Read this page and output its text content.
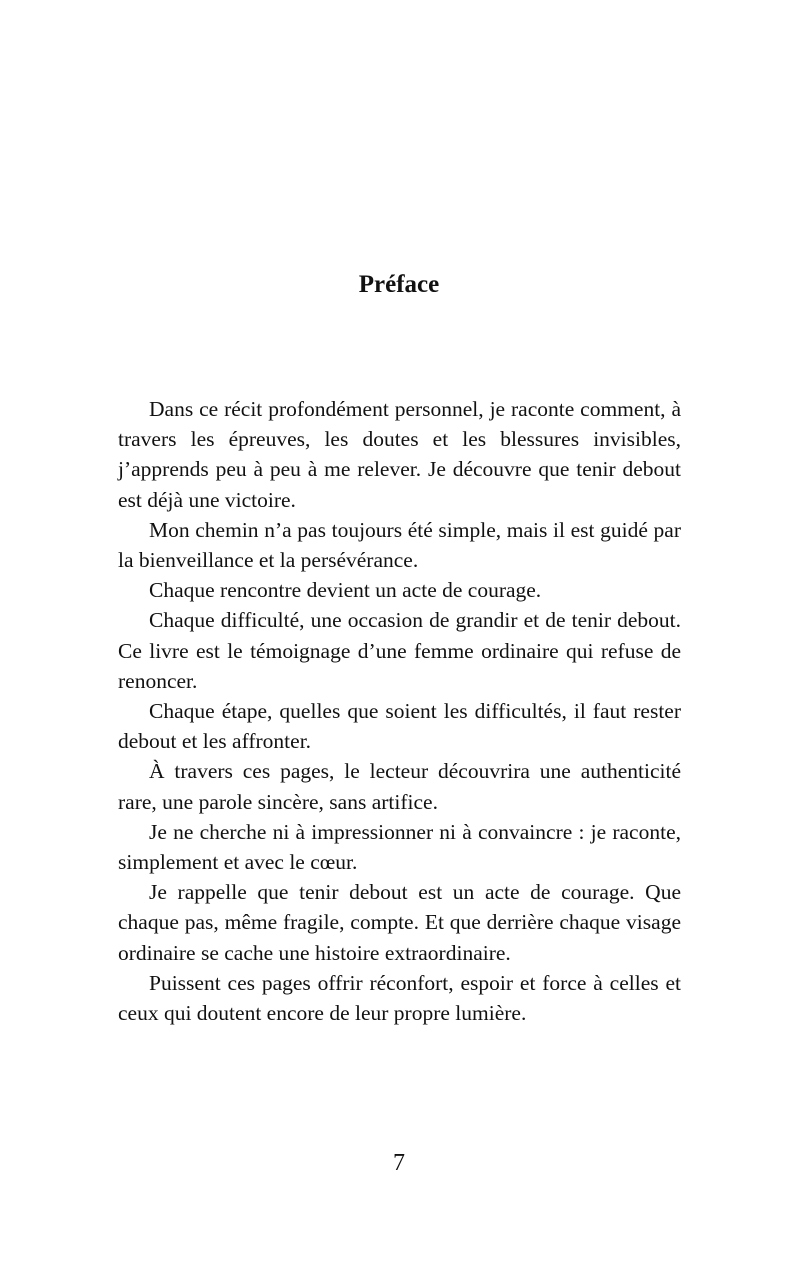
Préface

Dans ce récit profondément personnel, je raconte comment, à travers les épreuves, les doutes et les blessures invisibles, j’apprends peu à peu à me relever. Je découvre que tenir debout est déjà une victoire.

Mon chemin n’a pas toujours été simple, mais il est guidé par la bienveillance et la persévérance.

Chaque rencontre devient un acte de courage.

Chaque difficulté, une occasion de grandir et de tenir debout. Ce livre est le témoignage d’une femme ordinaire qui refuse de renoncer.

Chaque étape, quelles que soient les difficultés, il faut rester debout et les affronter.

À travers ces pages, le lecteur découvrira une authenticité rare, une parole sincère, sans artifice.

Je ne cherche ni à impressionner ni à convaincre : je raconte, simplement et avec le cœur.

Je rappelle que tenir debout est un acte de courage. Que chaque pas, même fragile, compte. Et que derrière chaque visage ordinaire se cache une histoire extraordinaire.

Puissent ces pages offrir réconfort, espoir et force à celles et ceux qui doutent encore de leur propre lumière.

7
